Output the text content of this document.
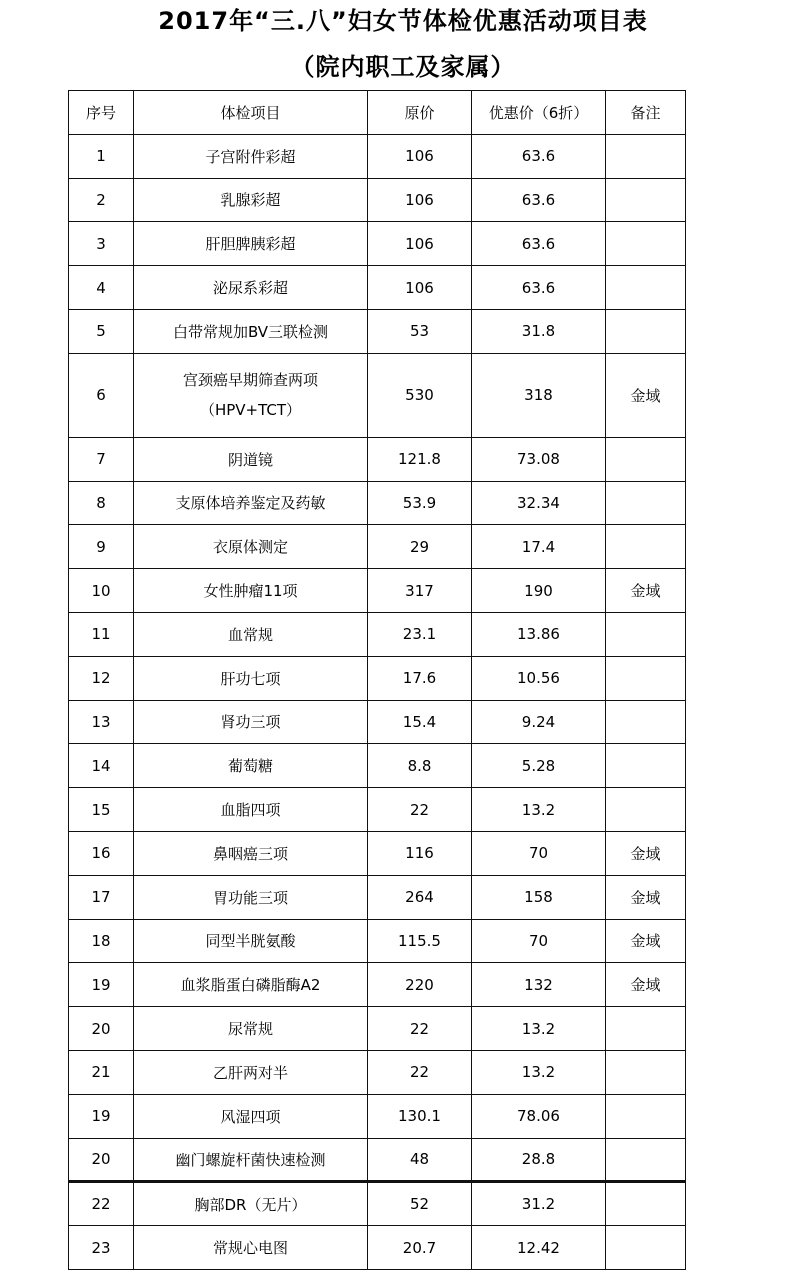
2017年“三.八”妇女节体检优惠活动项目表
（院内职工及家属）
序号	体检项目	原价	优惠价（6折）	备注
1	子宫附件彩超	106	63.6	
2	乳腺彩超	106	63.6	
3	肝胆脾胰彩超	106	63.6	
4	泌尿系彩超	106	63.6	
5	白带常规加BV三联检测	53	31.8	
6	宫颈癌早期筛查两项
（HPV+TCT）	530	318	金域
7	阴道镜	121.8	73.08	
8	支原体培养鉴定及药敏	53.9	32.34	
9	衣原体测定	29	17.4	
10	女性肿瘤11项	317	190	金域
11	血常规	23.1	13.86	
12	肝功七项	17.6	10.56	
13	肾功三项	15.4	9.24	
14	葡萄糖	8.8	5.28	
15	血脂四项	22	13.2	
16	鼻咽癌三项	116	70	金域
17	胃功能三项	264	158	金域
18	同型半胱氨酸	115.5	70	金域
19	血浆脂蛋白磷脂酶A2	220	132	金域
20	尿常规	22	13.2	
21	乙肝两对半	22	13.2	
19	风湿四项	130.1	78.06	
20	幽门螺旋杆菌快速检测	48	28.8	
22	胸部DR（无片）	52	31.2	
23	常规心电图	20.7	12.42	
